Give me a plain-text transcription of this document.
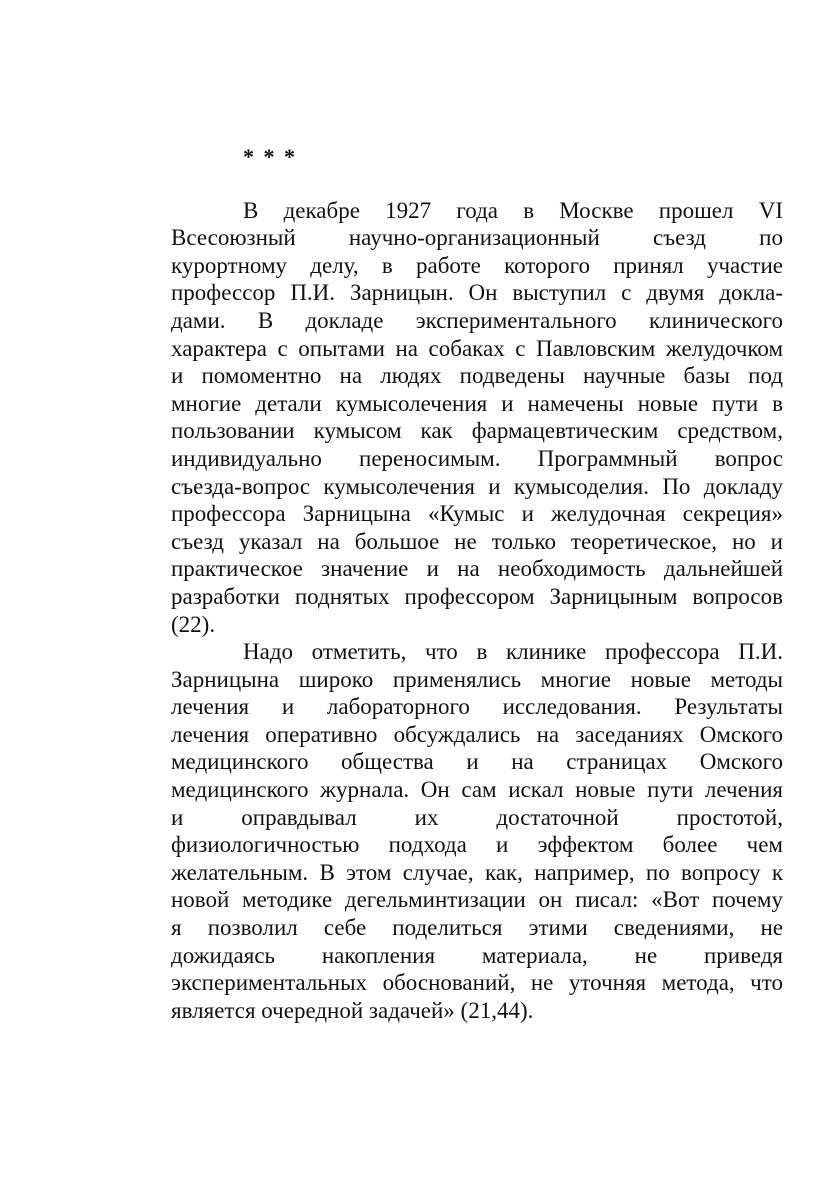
* * *
В декабре 1927 года в Москве прошел VI
Всесоюзный научно-организационный съезд по
курортному делу, в работе которого принял участие
профессор П.И. Зарницын. Он выступил с двумя докла-
дами. В докладе экспериментального клинического
характера с опытами на собаках с Павловским желудочком
и помоментно на людях подведены научные базы под
многие детали кумысолечения и намечены новые пути в
пользовании кумысом как фармацевтическим средством,
индивидуально переносимым. Программный вопрос
съезда-вопрос кумысолечения и кумысоделия. По докладу
профессора Зарницына «Кумыс и желудочная секреция»
съезд указал на большое не только теоретическое, но и
практическое значение и на необходимость дальнейшей
разработки поднятых профессором Зарницыным вопросов
(22).
Надо отметить, что в клинике профессора П.И.
Зарницына широко применялись многие новые методы
лечения и лабораторного исследования. Результаты
лечения оперативно обсуждались на заседаниях Омского
медицинского общества и на страницах Омского
медицинского журнала. Он сам искал новые пути лечения
и оправдывал их достаточной простотой,
физиологичностью подхода и эффектом более чем
желательным. В этом случае, как, например, по вопросу к
новой методике дегельминтизации он писал: «Вот почему
я позволил себе поделиться этими сведениями, не
дожидаясь накопления материала, не приведя
экспериментальных обоснований, не уточняя метода, что
является очередной задачей» (21,44).
